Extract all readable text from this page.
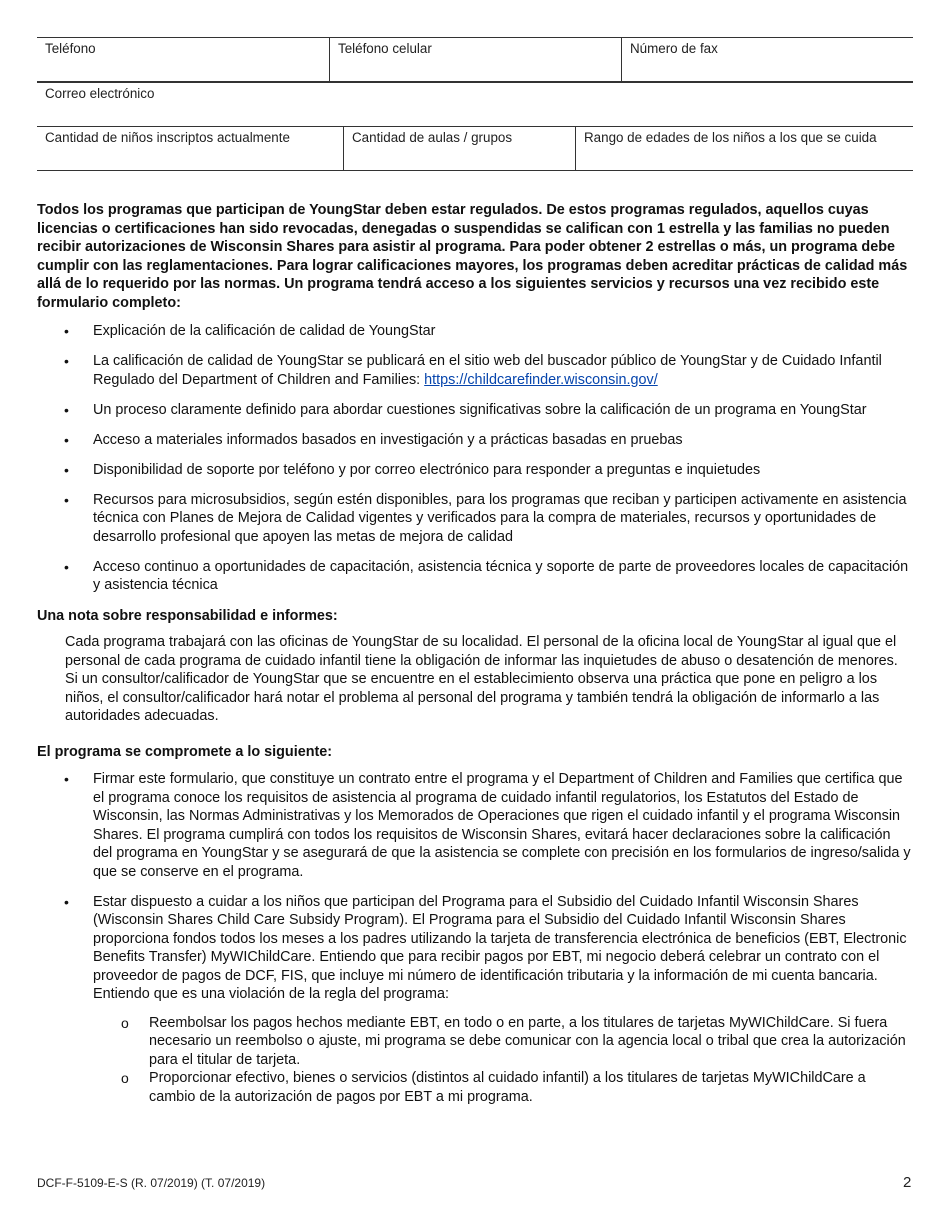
Teléfono	Teléfono celular	Número de fax
Correo electrónico
Cantidad de niños inscriptos actualmente	Cantidad de aulas / grupos	Rango de edades de los niños a los que se cuida

Todos los programas que participan de YoungStar deben estar regulados. De estos programas regulados, aquellos cuyas licencias o certificaciones han sido revocadas, denegadas o suspendidas se califican con 1 estrella y las familias no pueden recibir autorizaciones de Wisconsin Shares para asistir al programa. Para poder obtener 2 estrellas o más, un programa debe cumplir con las reglamentaciones. Para lograr calificaciones mayores, los programas deben acreditar prácticas de calidad más allá de lo requerido por las normas. Un programa tendrá acceso a los siguientes servicios y recursos una vez recibido este formulario completo:

• Explicación de la calificación de calidad de YoungStar
• La calificación de calidad de YoungStar se publicará en el sitio web del buscador público de YoungStar y de Cuidado Infantil Regulado del Department of Children and Families: https://childcarefinder.wisconsin.gov/
• Un proceso claramente definido para abordar cuestiones significativas sobre la calificación de un programa en YoungStar
• Acceso a materiales informados basados en investigación y a prácticas basadas en pruebas
• Disponibilidad de soporte por teléfono y por correo electrónico para responder a preguntas e inquietudes
• Recursos para microsubsidios, según estén disponibles, para los programas que reciban y participen activamente en asistencia técnica con Planes de Mejora de Calidad vigentes y verificados para la compra de materiales, recursos y oportunidades de desarrollo profesional que apoyen las metas de mejora de calidad
• Acceso continuo a oportunidades de capacitación, asistencia técnica y soporte de parte de proveedores locales de capacitación y asistencia técnica

Una nota sobre responsabilidad e informes:

Cada programa trabajará con las oficinas de YoungStar de su localidad. El personal de la oficina local de YoungStar al igual que el personal de cada programa de cuidado infantil tiene la obligación de informar las inquietudes de abuso o desatención de menores. Si un consultor/calificador de YoungStar que se encuentre en el establecimiento observa una práctica que pone en peligro a los niños, el consultor/calificador hará notar el problema al personal del programa y también tendrá la obligación de informarlo a las autoridades adecuadas.

El programa se compromete a lo siguiente:

• Firmar este formulario, que constituye un contrato entre el programa y el Department of Children and Families que certifica que el programa conoce los requisitos de asistencia al programa de cuidado infantil regulatorios, los Estatutos del Estado de Wisconsin, las Normas Administrativas y los Memorados de Operaciones que rigen el cuidado infantil y el programa Wisconsin Shares. El programa cumplirá con todos los requisitos de Wisconsin Shares, evitará hacer declaraciones sobre la calificación del programa en YoungStar y se asegurará de que la asistencia se complete con precisión en los formularios de ingreso/salida y que se conserve en el programa.
• Estar dispuesto a cuidar a los niños que participan del Programa para el Subsidio del Cuidado Infantil Wisconsin Shares (Wisconsin Shares Child Care Subsidy Program). El Programa para el Subsidio del Cuidado Infantil Wisconsin Shares proporciona fondos todos los meses a los padres utilizando la tarjeta de transferencia electrónica de beneficios (EBT, Electronic Benefits Transfer) MyWIChildCare. Entiendo que para recibir pagos por EBT, mi negocio deberá celebrar un contrato con el proveedor de pagos de DCF, FIS, que incluye mi número de identificación tributaria y la información de mi cuenta bancaria. Entiendo que es una violación de la regla del programa:
o Reembolsar los pagos hechos mediante EBT, en todo o en parte, a los titulares de tarjetas MyWIChildCare. Si fuera necesario un reembolso o ajuste, mi programa se debe comunicar con la agencia local o tribal que crea la autorización para el titular de tarjeta.
o Proporcionar efectivo, bienes o servicios (distintos al cuidado infantil) a los titulares de tarjetas MyWIChildCare a cambio de la autorización de pagos por EBT a mi programa.
DCF-F-5109-E-S (R. 07/2019) (T. 07/2019)	2
